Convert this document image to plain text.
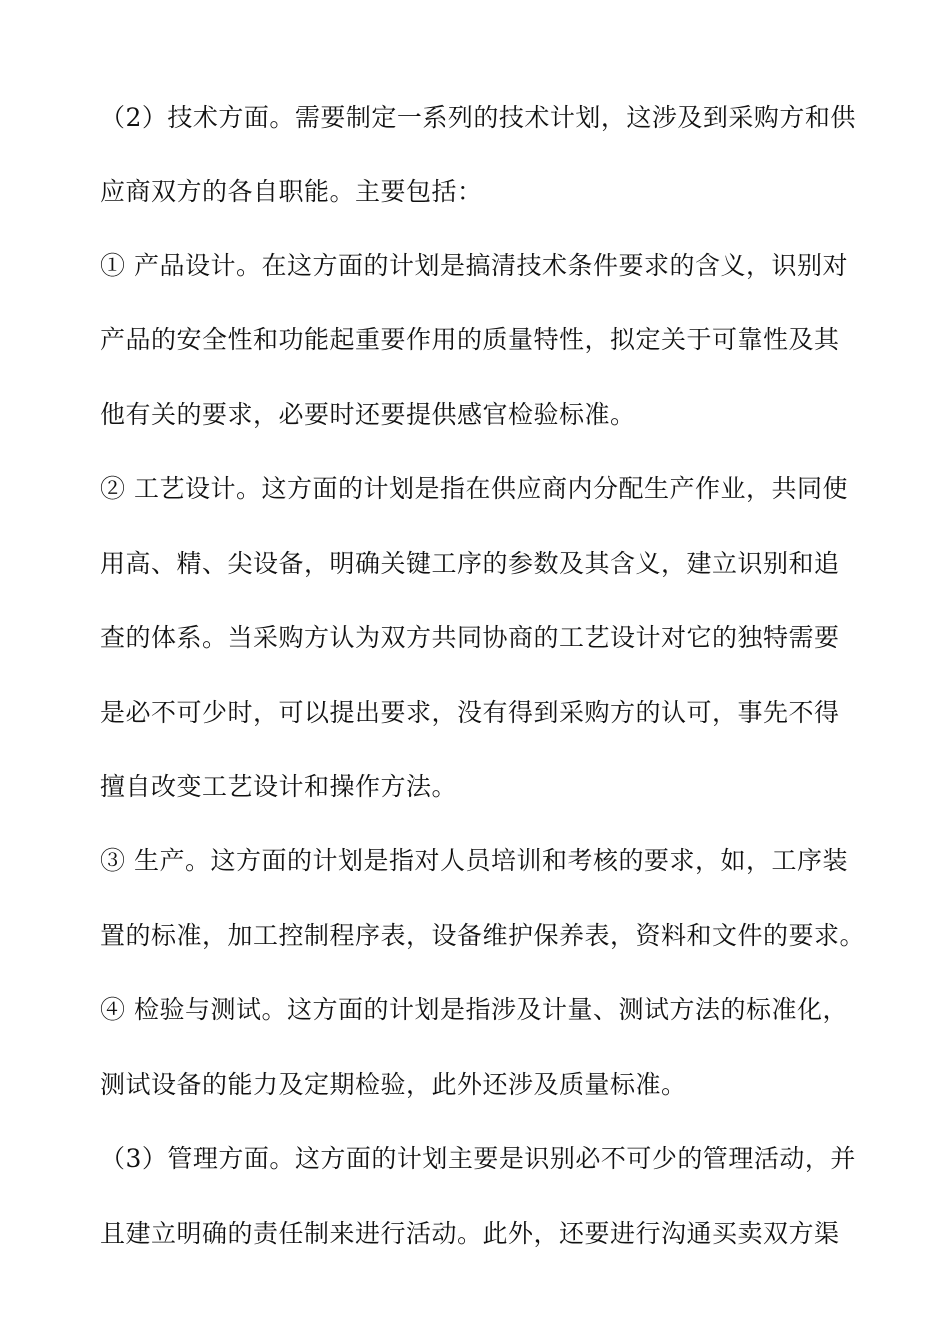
（2）技术方面。需要制定一系列的技术计划，这涉及到采购方和供
应商双方的各自职能。主要包括：
① 产品设计。在这方面的计划是搞清技术条件要求的含义，识别对
产品的安全性和功能起重要作用的质量特性，拟定关于可靠性及其
他有关的要求，必要时还要提供感官检验标准。
② 工艺设计。这方面的计划是指在供应商内分配生产作业，共同使
用高、精、尖设备，明确关键工序的参数及其含义，建立识别和追
查的体系。当采购方认为双方共同协商的工艺设计对它的独特需要
是必不可少时，可以提出要求，没有得到采购方的认可，事先不得
擅自改变工艺设计和操作方法。
③ 生产。这方面的计划是指对人员培训和考核的要求，如，工序装
置的标准，加工控制程序表，设备维护保养表，资料和文件的要求。
④ 检验与测试。这方面的计划是指涉及计量、测试方法的标准化，
测试设备的能力及定期检验，此外还涉及质量标准。
（3）管理方面。这方面的计划主要是识别必不可少的管理活动，并
且建立明确的责任制来进行活动。此外，还要进行沟通买卖双方渠
